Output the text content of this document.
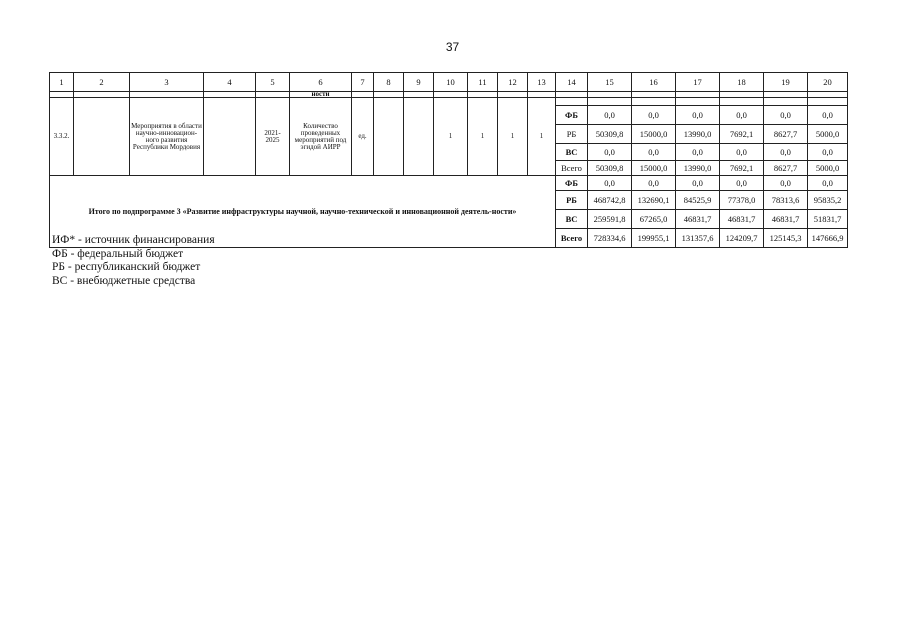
37
1	2	3	4	5	6	7	8	9	10	11	12	13	14	15	16	17	18	19	20
					ности														
3.3.2.		Мероприятия в области научно-инновацион-ного развития Республики Мордовия		2021-2025	Количество проведенных мероприятий под эгидой АИРР	ед.			1	1	1	1							
													ФБ	0,0	0,0	0,0	0,0	0,0	0,0
													РБ	50309,8	15000,0	13990,0	7692,1	8627,7	5000,0
													ВС	0,0	0,0	0,0	0,0	0,0	0,0
													Всего	50309,8	15000,0	13990,0	7692,1	8627,7	5000,0
Итого по подпрограмме 3 «Развитие инфраструктуры научной, научно-технической и инновационной деятель-ности»													ФБ	0,0	0,0	0,0	0,0	0,0	0,0
													РБ	468742,8	132690,1	84525,9	77378,0	78313,6	95835,2
													ВС	259591,8	67265,0	46831,7	46831,7	46831,7	51831,7
													Всего	728334,6	199955,1	131357,6	124209,7	125145,3	147666,9
ИФ* - источник финансирования
ФБ - федеральный бюджет
РБ - республиканский бюджет
ВС - внебюджетные средства
